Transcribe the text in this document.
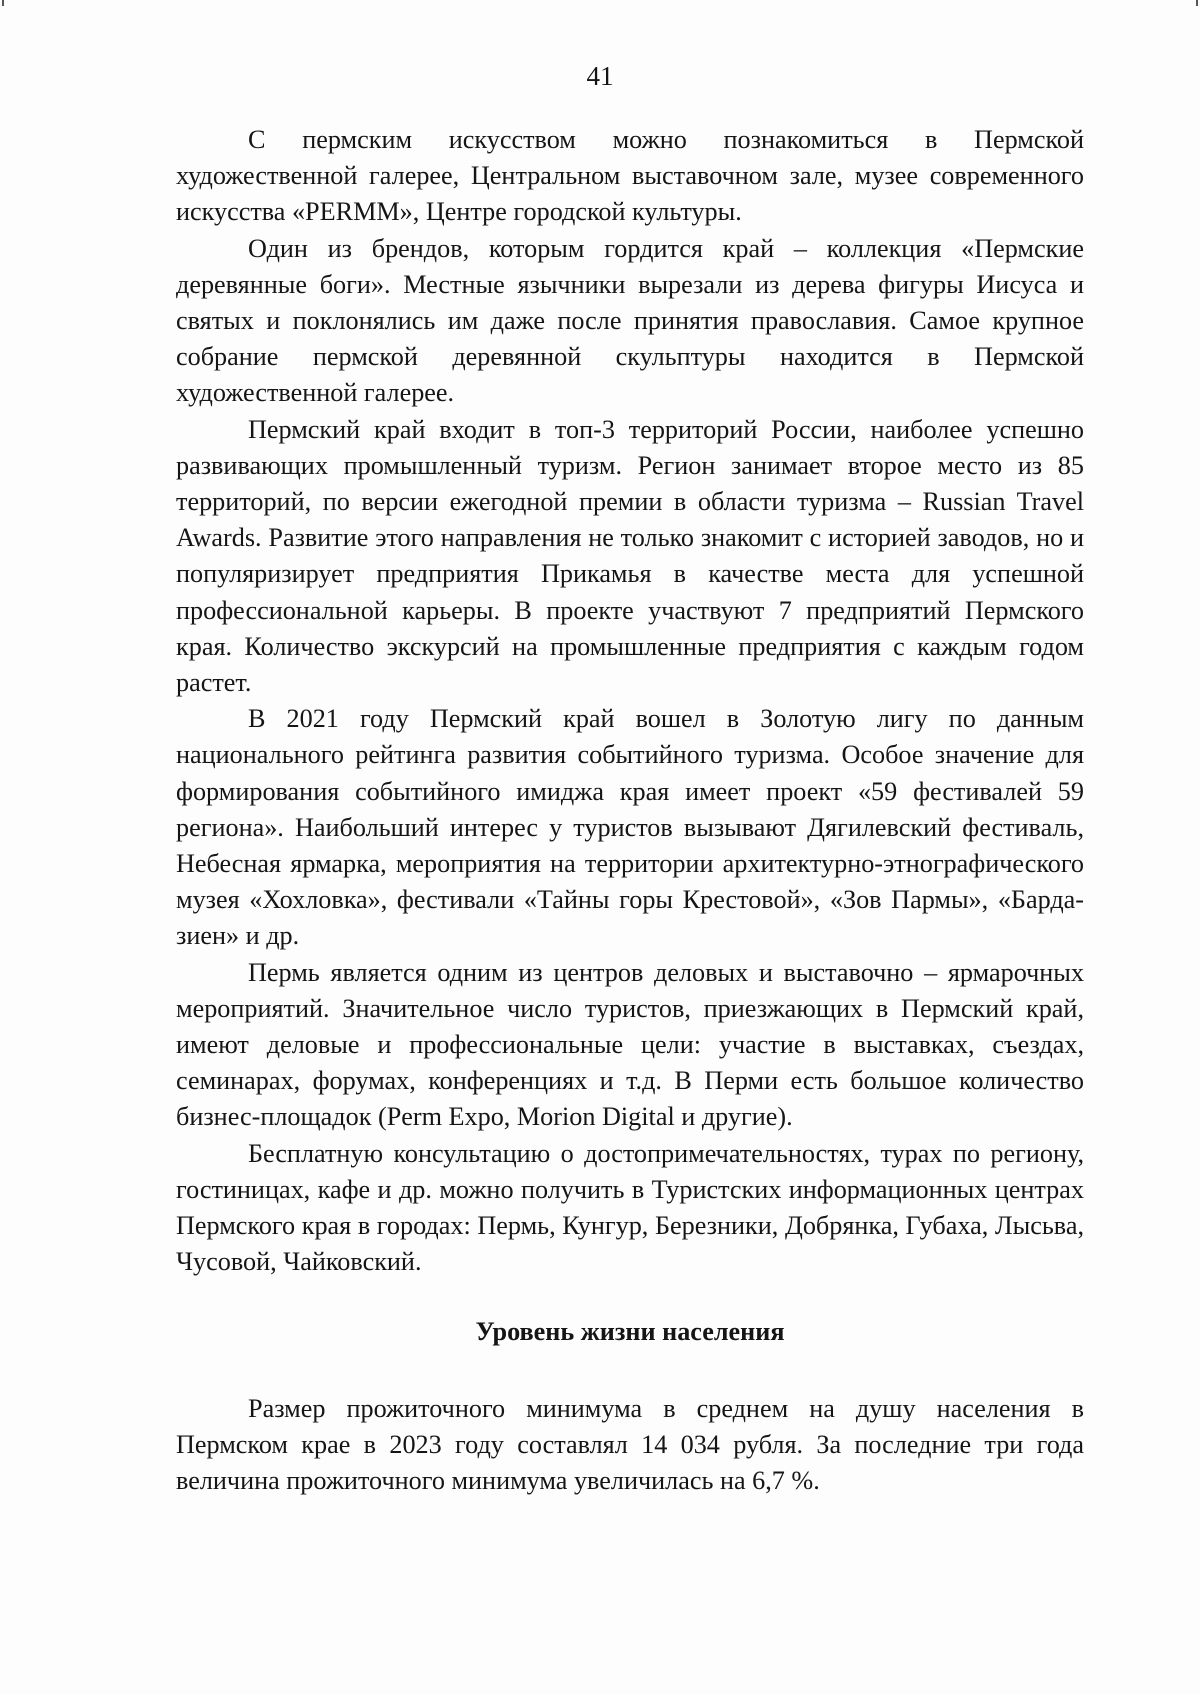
41

С пермским искусством можно познакомиться в Пермской художественной галерее, Центральном выставочном зале, музее современного искусства «PERMM», Центре городской культуры.

Один из брендов, которым гордится край – коллекция «Пермские деревянные боги». Местные язычники вырезали из дерева фигуры Иисуса и святых и поклонялись им даже после принятия православия. Самое крупное собрание пермской деревянной скульптуры находится в Пермской художественной галерее.

Пермский край входит в топ-3 территорий России, наиболее успешно развивающих промышленный туризм. Регион занимает второе место из 85 территорий, по версии ежегодной премии в области туризма – Russian Travel Awards. Развитие этого направления не только знакомит с историей заводов, но и популяризирует предприятия Прикамья в качестве места для успешной профессиональной карьеры. В проекте участвуют 7 предприятий Пермского края. Количество экскурсий на промышленные предприятия с каждым годом растет.

В 2021 году Пермский край вошел в Золотую лигу по данным национального рейтинга развития событийного туризма. Особое значение для формирования событийного имиджа края имеет проект «59 фестивалей 59 региона». Наибольший интерес у туристов вызывают Дягилевский фестиваль, Небесная ярмарка, мероприятия на территории архитектурно-этнографического музея «Хохловка», фестивали «Тайны горы Крестовой», «Зов Пармы», «Барда-зиен» и др.

Пермь является одним из центров деловых и выставочно – ярмарочных мероприятий. Значительное число туристов, приезжающих в Пермский край, имеют деловые и профессиональные цели: участие в выставках, съездах, семинарах, форумах, конференциях и т.д. В Перми есть большое количество бизнес-площадок (Perm Expo, Morion Digital и другие).

Бесплатную консультацию о достопримечательностях, турах по региону, гостиницах, кафе и др. можно получить в Туристских информационных центрах Пермского края в городах: Пермь, Кунгур, Березники, Добрянка, Губаха, Лысьва, Чусовой, Чайковский.

Уровень жизни населения

Размер прожиточного минимума в среднем на душу населения в Пермском крае в 2023 году составлял 14 034 рубля. За последние три года величина прожиточного минимума увеличилась на 6,7 %.
